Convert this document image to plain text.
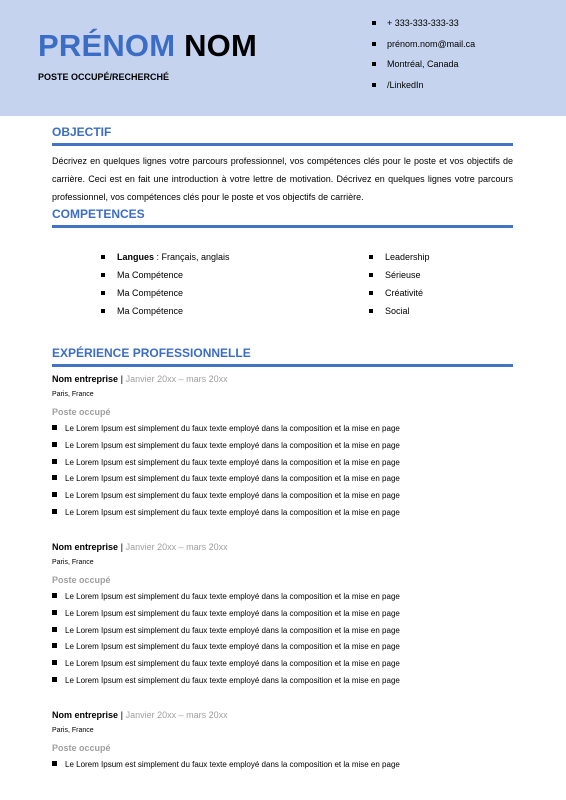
PRÉNOM NOM
POSTE OCCUPÉ/RECHERCHÉ
+ 333-333-333-33
prénom.nom@mail.ca
Montréal, Canada
/LinkedIn
OBJECTIF

Décrivez en quelques lignes votre parcours professionnel, vos compétences clés pour le poste et vos objectifs de carrière. Ceci est en fait une introduction à votre lettre de motivation. Décrivez en quelques lignes votre parcours professionnel, vos compétences clés pour le poste et vos objectifs de carrière.

COMPETENCES
Langues : Français, anglais
Ma Compétence
Ma Compétence
Ma Compétence
Leadership
Sérieuse
Créativité
Social
EXPÉRIENCE PROFESSIONNELLE
Nom entreprise | Janvier 20xx – mars 20xx
Paris, France
Poste occupé
Le Lorem Ipsum est simplement du faux texte employé dans la composition et la mise en page
Le Lorem Ipsum est simplement du faux texte employé dans la composition et la mise en page
Le Lorem Ipsum est simplement du faux texte employé dans la composition et la mise en page
Le Lorem Ipsum est simplement du faux texte employé dans la composition et la mise en page
Le Lorem Ipsum est simplement du faux texte employé dans la composition et la mise en page
Le Lorem Ipsum est simplement du faux texte employé dans la composition et la mise en page
Nom entreprise | Janvier 20xx – mars 20xx
Paris, France
Poste occupé
Le Lorem Ipsum est simplement du faux texte employé dans la composition et la mise en page
Le Lorem Ipsum est simplement du faux texte employé dans la composition et la mise en page
Le Lorem Ipsum est simplement du faux texte employé dans la composition et la mise en page
Le Lorem Ipsum est simplement du faux texte employé dans la composition et la mise en page
Le Lorem Ipsum est simplement du faux texte employé dans la composition et la mise en page
Le Lorem Ipsum est simplement du faux texte employé dans la composition et la mise en page
Nom entreprise | Janvier 20xx – mars 20xx
Paris, France
Poste occupé
Le Lorem Ipsum est simplement du faux texte employé dans la composition et la mise en page
